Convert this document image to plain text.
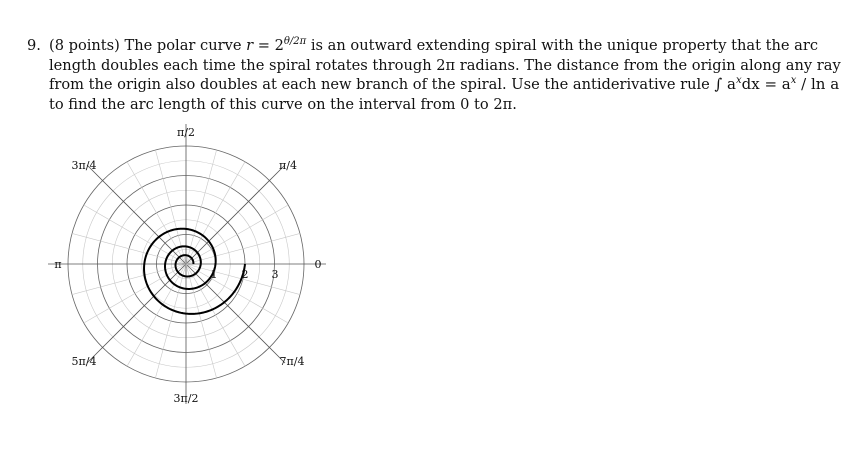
9. (8 points) The polar curve $r = 2^{\theta/2\pi}$ is an outward extending spiral with the unique property that the arc
length doubles each time the spiral rotates through 2π radians. The distance from the origin along any ray
from the origin also doubles at each new branch of the spiral. Use the antiderivative rule ∫ $a^xdx = a^x / \ln a$
to find the arc length of this curve on the interval from 0 to 2π.
π/2
3π/4	π/4
π	0
5π/4	7π/4
3π/2
1 2 3
